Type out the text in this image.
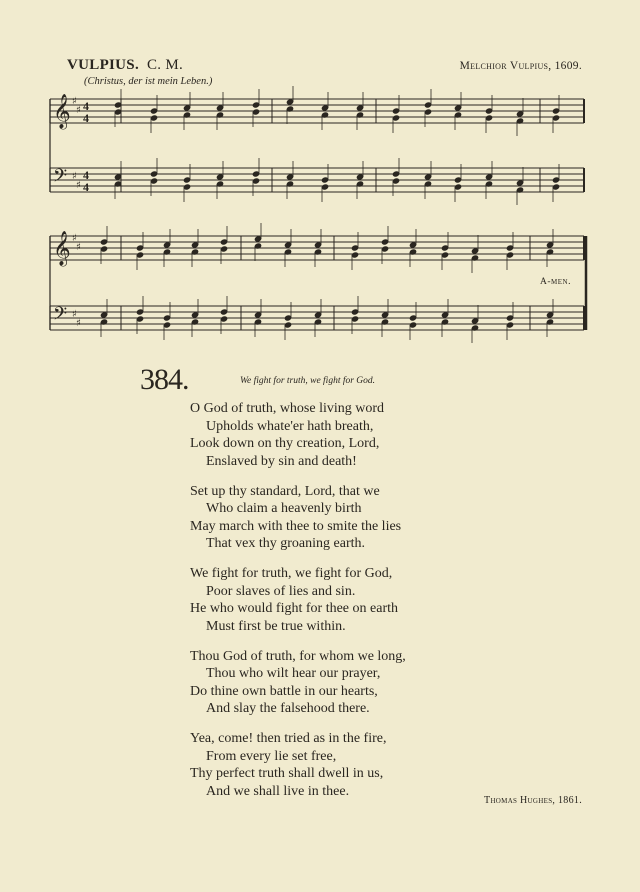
VULPIUS. C. M.
(Christus, der ist mein Leben.)
Melchior Vulpius, 1609.
𝄞 ♯
♯ 4
4
𝄢 ♯
♯
4
4
𝄞 ♯
♯
𝄢 ♯
♯
A-men.
384.	We fight for truth, we fight for God.
O God of truth, whose living word
Upholds whate'er hath breath,
Look down on thy creation, Lord,
Enslaved by sin and death!
Set up thy standard, Lord, that we
Who claim a heavenly birth
May march with thee to smite the lies
That vex thy groaning earth.
We fight for truth, we fight for God,
Poor slaves of lies and sin.
He who would fight for thee on earth
Must first be true within.
Thou God of truth, for whom we long,
Thou who wilt hear our prayer,
Do thine own battle in our hearts,
And slay the falsehood there.
Yea, come! then tried as in the fire,
From every lie set free,
Thy perfect truth shall dwell in us,
And we shall live in thee.
Thomas Hughes, 1861.
